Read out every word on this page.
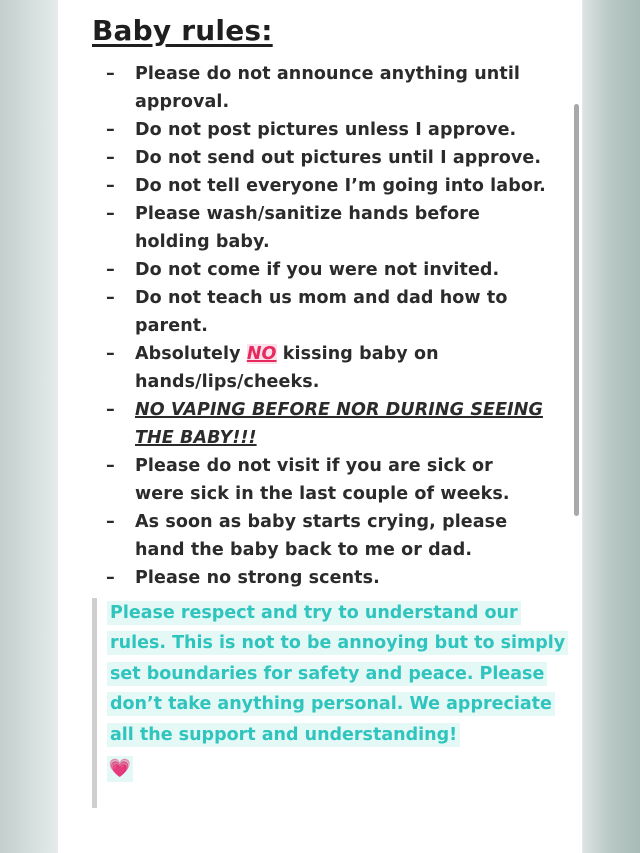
Baby rules:
– Please do not announce anything until approval.
– Do not post pictures unless I approve.
– Do not send out pictures until I approve.
– Do not tell everyone I’m going into labor.
– Please wash/sanitize hands before holding baby.
– Do not come if you were not invited.
– Do not teach us mom and dad how to parent.
– Absolutely NO kissing baby on hands/lips/cheeks.
– NO VAPING BEFORE NOR DURING SEEING THE BABY!!!
– Please do not visit if you are sick or were sick in the last couple of weeks.
– As soon as baby starts crying, please hand the baby back to me or dad.
– Please no strong scents.

Please respect and try to understand our rules. This is not to be annoying but to simply set boundaries for safety and peace. Please don’t take anything personal. We appreciate all the support and understanding!

💗
